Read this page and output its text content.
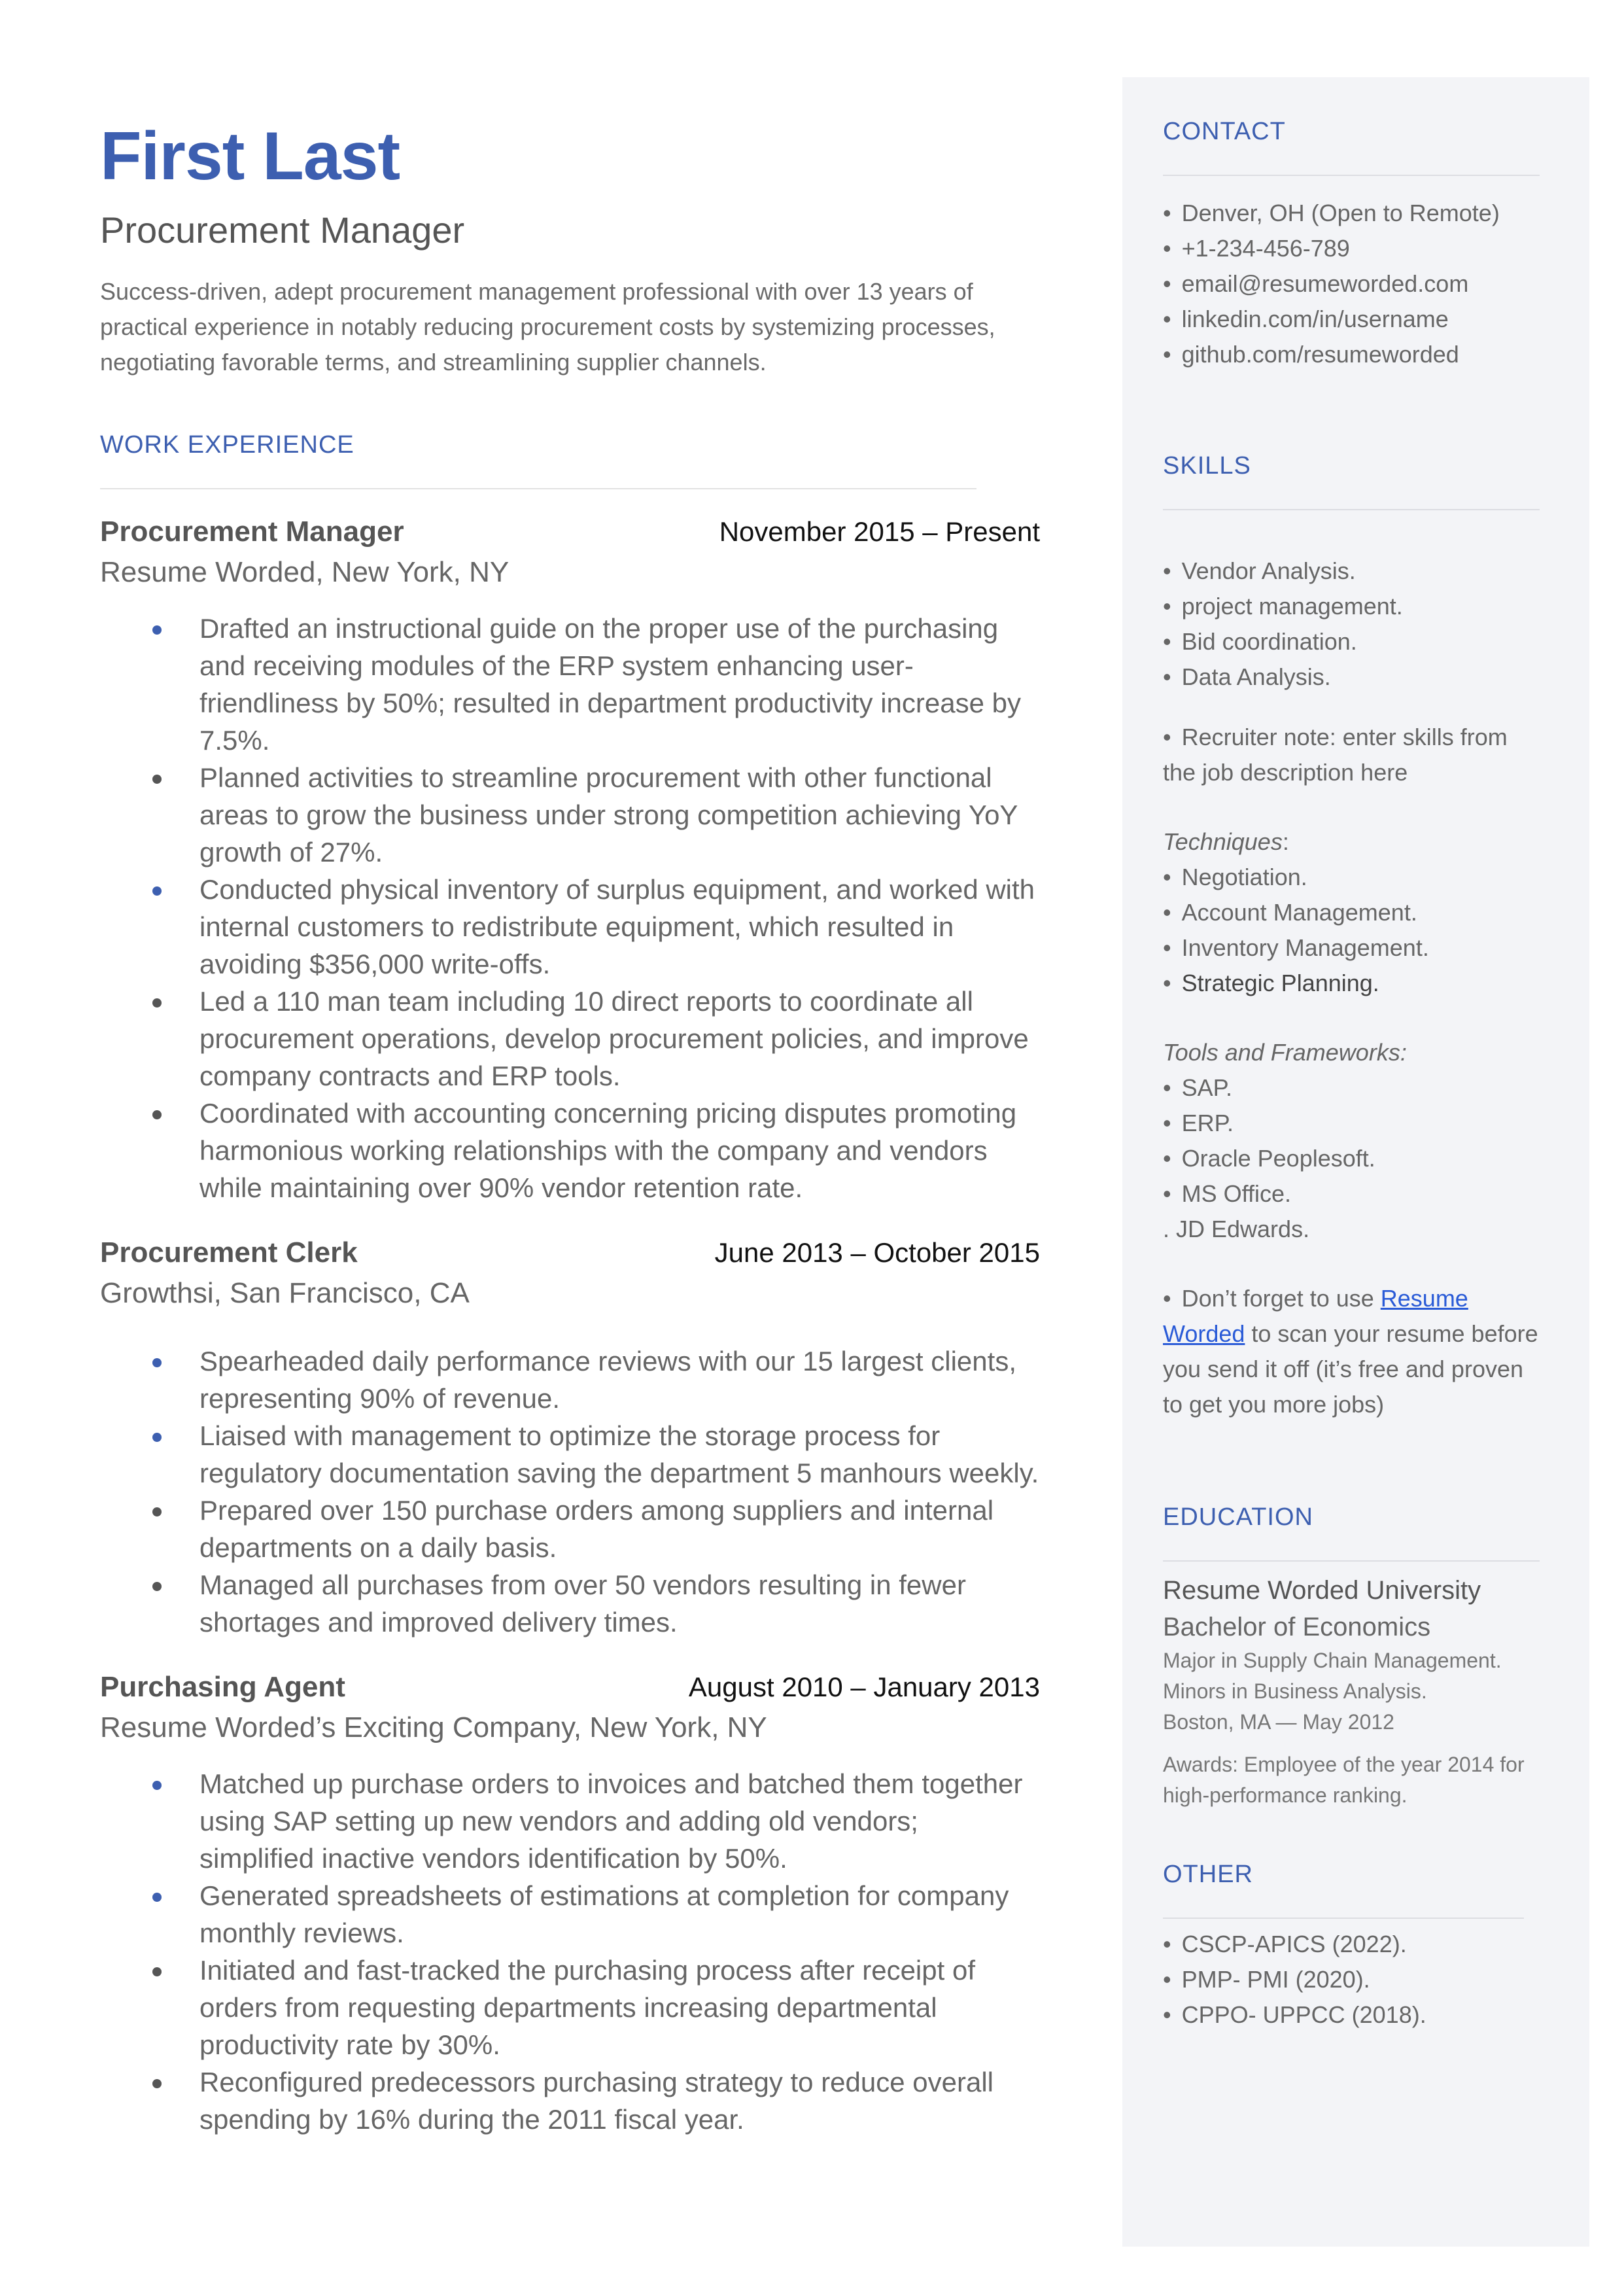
First Last
Procurement Manager
Success-driven, adept procurement management professional with over 13 years of practical experience in notably reducing procurement costs by systemizing processes, negotiating favorable terms, and streamlining supplier channels.
WORK EXPERIENCE
Procurement Manager	November 2015 – Present
Resume Worded, New York, NY
Drafted an instructional guide on the proper use of the purchasing and receiving modules of the ERP system enhancing user-friendliness by 50%; resulted in department productivity increase by 7.5%.
Planned activities to streamline procurement with other functional areas to grow the business under strong competition achieving YoY growth of 27%.
Conducted physical inventory of surplus equipment, and worked with internal customers to redistribute equipment, which resulted in avoiding $356,000 write-offs.
Led a 110 man team including 10 direct reports to coordinate all procurement operations, develop procurement policies, and improve company contracts and ERP tools.
Coordinated with accounting concerning pricing disputes promoting harmonious working relationships with the company and vendors while maintaining over 90% vendor retention rate.
Procurement Clerk	June 2013 – October 2015
Growthsi, San Francisco, CA
Spearheaded daily performance reviews with our 15 largest clients, representing 90% of revenue.
Liaised with management to optimize the storage process for regulatory documentation saving the department 5 manhours weekly.
Prepared over 150 purchase orders among suppliers and internal departments on a daily basis.
Managed all purchases from over 50 vendors resulting in fewer shortages and improved delivery times.
Purchasing Agent	August 2010 – January 2013
Resume Worded’s Exciting Company, New York, NY
Matched up purchase orders to invoices and batched them together using SAP setting up new vendors and adding old vendors; simplified inactive vendors identification by 50%.
Generated spreadsheets of estimations at completion for company monthly reviews.
Initiated and fast-tracked the purchasing process after receipt of orders from requesting departments increasing departmental productivity rate by 30%.
Reconfigured predecessors purchasing strategy to reduce overall spending by 16% during the 2011 fiscal year.
CONTACT
• Denver, OH (Open to Remote)
• +1-234-456-789
• email@resumeworded.com
• linkedin.com/in/username
• github.com/resumeworded
SKILLS
• Vendor Analysis.
• project management.
• Bid coordination.
• Data Analysis.
• Recruiter note: enter skills from the job description here
Techniques:
• Negotiation.
• Account Management.
• Inventory Management.
• Strategic Planning.
Tools and Frameworks:
• SAP.
• ERP.
• Oracle Peoplesoft.
• MS Office.
. JD Edwards.
• Don’t forget to use Resume Worded to scan your resume before you send it off (it’s free and proven to get you more jobs)
EDUCATION
Resume Worded University
Bachelor of Economics
Major in Supply Chain Management.
Minors in Business Analysis.
Boston, MA — May 2012
Awards: Employee of the year 2014 for high-performance ranking.
OTHER
• CSCP-APICS (2022).
• PMP- PMI (2020).
• CPPO- UPPCC (2018).
